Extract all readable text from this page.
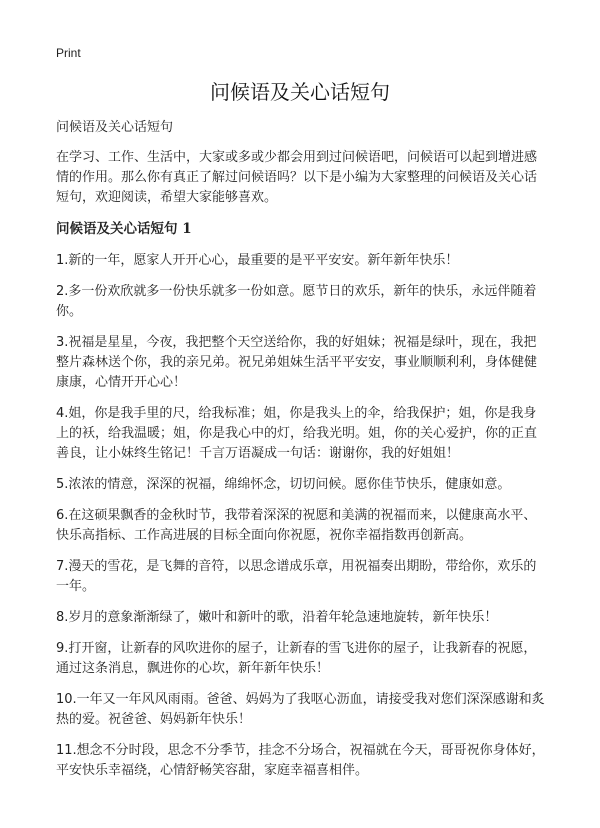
Print
问候语及关心话短句

问候语及关心话短句

在学习、工作、生活中，大家或多或少都会用到过问候语吧，问候语可以起到增进感情的作用。那么你有真正了解过问候语吗？以下是小编为大家整理的问候语及关心话短句，欢迎阅读，希望大家能够喜欢。

问候语及关心话短句 1

1.新的一年，愿家人开开心心，最重要的是平平安安。新年新年快乐！

2.多一份欢欣就多一份快乐就多一份如意。愿节日的欢乐，新年的快乐，永远伴随着你。

3.祝福是星星，今夜，我把整个天空送给你，我的好姐妹；祝福是绿叶，现在，我把整片森林送个你，我的亲兄弟。祝兄弟姐妹生活平平安安，事业顺顺利利，身体健健康康，心情开开心心！

4.姐，你是我手里的尺，给我标准；姐，你是我头上的伞，给我保护；姐，你是我身上的袄，给我温暖；姐，你是我心中的灯，给我光明。姐，你的关心爱护，你的正直善良，让小妹终生铭记！千言万语凝成一句话：谢谢你，我的好姐姐！

5.浓浓的情意，深深的祝福，绵绵怀念，切切问候。愿你佳节快乐，健康如意。

6.在这硕果飘香的金秋时节，我带着深深的祝愿和美满的祝福而来，以健康高水平、快乐高指标、工作高进展的目标全面向你祝愿，祝你幸福指数再创新高。

7.漫天的雪花，是飞舞的音符，以思念谱成乐章，用祝福奏出期盼，带给你，欢乐的一年。

8.岁月的意象渐渐绿了，嫩叶和新叶的歌，沿着年轮急速地旋转，新年快乐！

9.打开窗，让新春的风吹进你的屋子，让新春的雪飞进你的屋子，让我新春的祝愿，通过这条消息，飘进你的心坎，新年新年快乐！

10.一年又一年风风雨雨。爸爸、妈妈为了我呕心沥血，请接受我对您们深深感谢和炙热的爱。祝爸爸、妈妈新年快乐！

11.想念不分时段，思念不分季节，挂念不分场合，祝福就在今天，哥哥祝你身体好，平安快乐幸福绕，心情舒畅笑容甜，家庭幸福喜相伴。
